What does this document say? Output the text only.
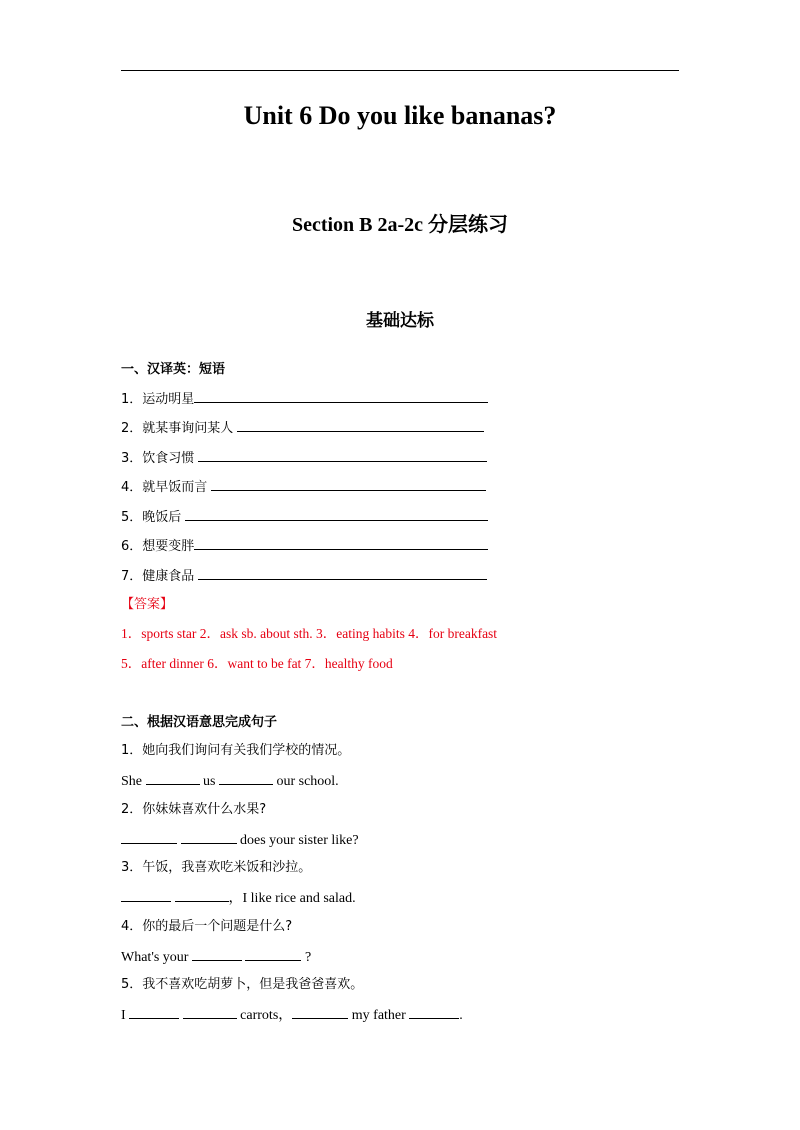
Unit 6 Do you like bananas?
Section B 2a-2c 分层练习
基础达标
一、汉译英：短语
1．运动明星
2．就某事询问某人
3．饮食习惯
4．就早饭而言
5．晚饭后
6．想要变胖
7．健康食品
【答案】
1．sports star 2．ask sb. about sth. 3．eating habits 4．for breakfast
5．after dinner 6．want to be fat 7．healthy food
二、根据汉语意思完成句子
1．她向我们询问有关我们学校的情况。
She	us	our school.
2．你妹妹喜欢什么水果?
does your sister like?
3．午饭，我喜欢吃米饭和沙拉。
，I like rice and salad.
4．你的最后一个问题是什么?
What's your	?
5．我不喜欢吃胡萝卜，但是我爸爸喜欢。
I	carrots，	my father	.
